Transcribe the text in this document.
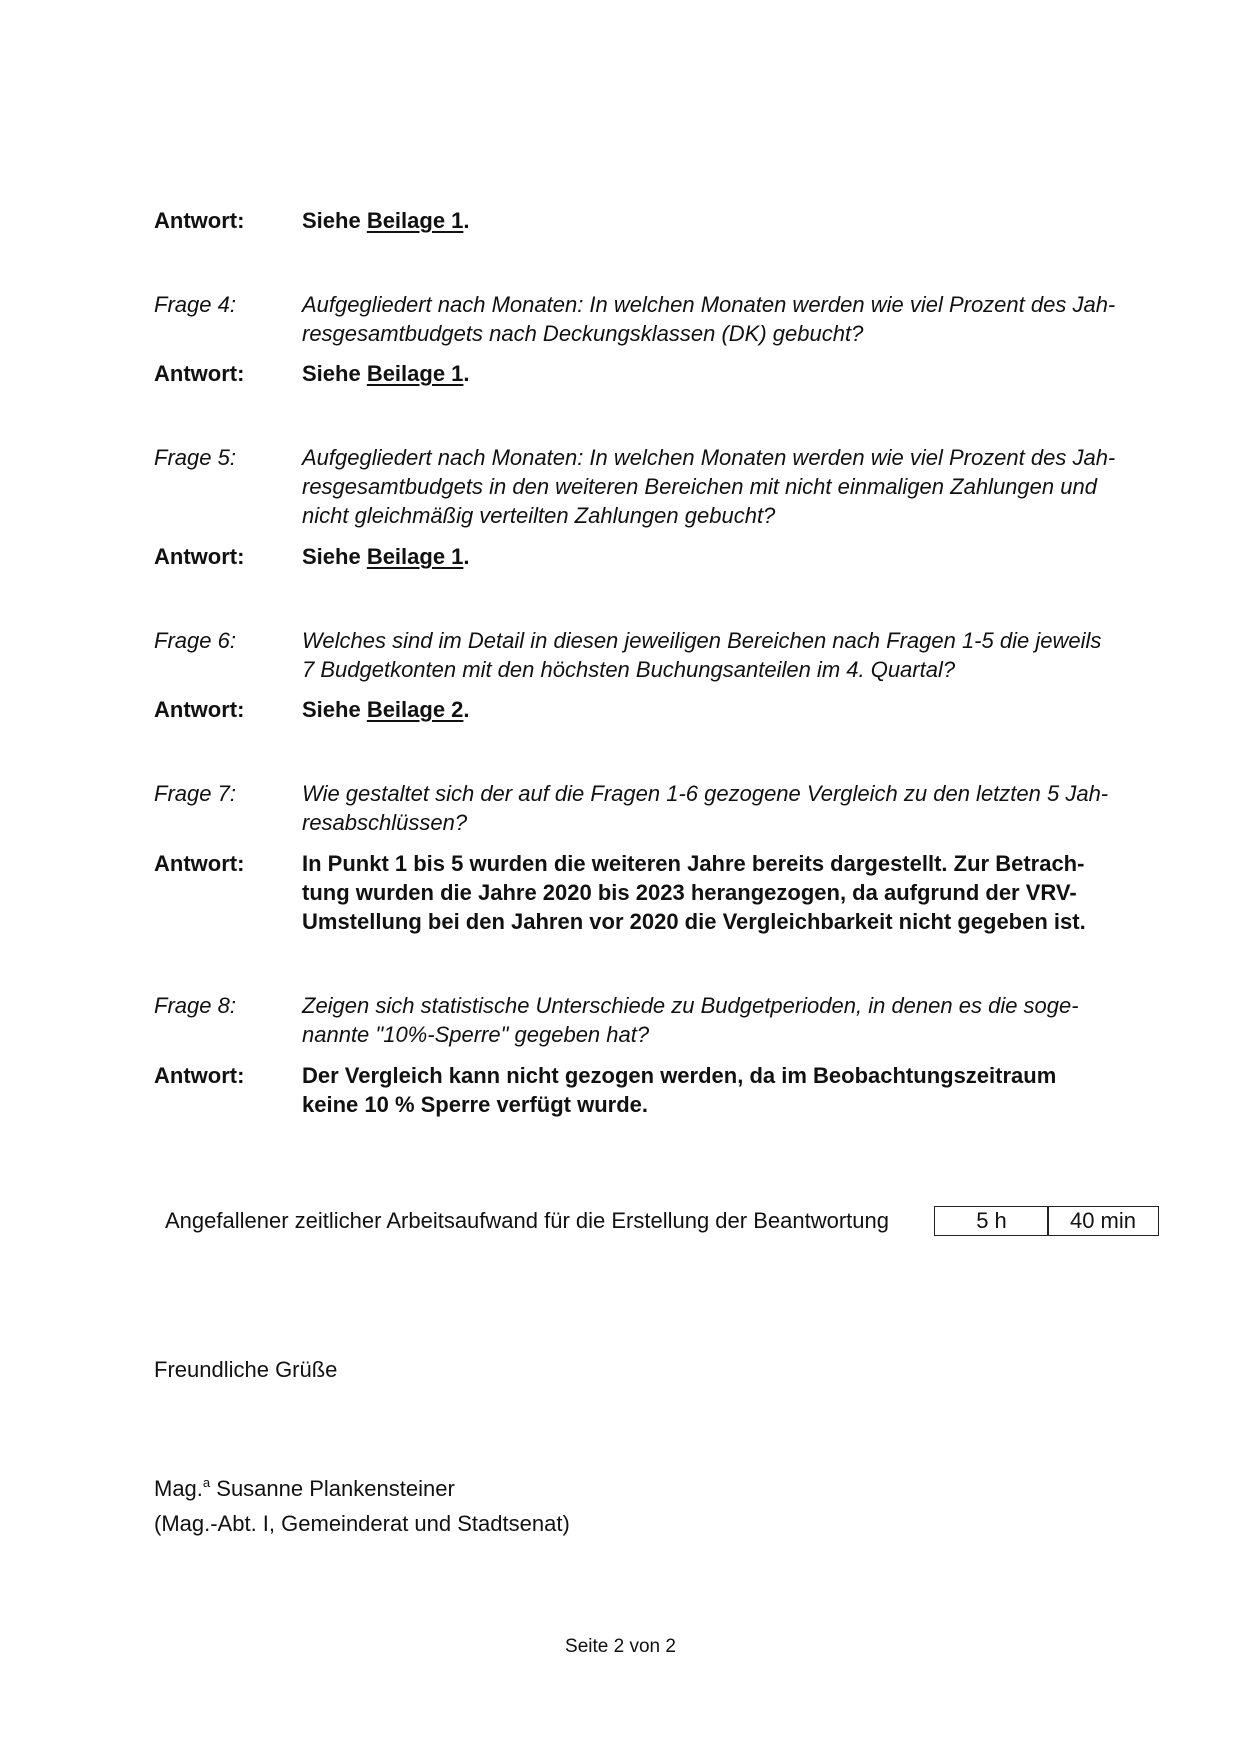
Antwort:	Siehe Beilage 1.
Frage 4:	Aufgegliedert nach Monaten: In welchen Monaten werden wie viel Prozent des Jah-
resgesamtbudgets nach Deckungsklassen (DK) gebucht?
Antwort:	Siehe Beilage 1.
Frage 5:	Aufgegliedert nach Monaten: In welchen Monaten werden wie viel Prozent des Jah-
resgesamtbudgets in den weiteren Bereichen mit nicht einmaligen Zahlungen und
nicht gleichmäßig verteilten Zahlungen gebucht?
Antwort:	Siehe Beilage 1.
Frage 6:	Welches sind im Detail in diesen jeweiligen Bereichen nach Fragen 1-5 die jeweils
7 Budgetkonten mit den höchsten Buchungsanteilen im 4. Quartal?
Antwort:	Siehe Beilage 2.
Frage 7:	Wie gestaltet sich der auf die Fragen 1-6 gezogene Vergleich zu den letzten 5 Jah-
resabschlüssen?
Antwort:	In Punkt 1 bis 5 wurden die weiteren Jahre bereits dargestellt. Zur Betrach-
tung wurden die Jahre 2020 bis 2023 herangezogen, da aufgrund der VRV-
Umstellung bei den Jahren vor 2020 die Vergleichbarkeit nicht gegeben ist.
Frage 8:	Zeigen sich statistische Unterschiede zu Budgetperioden, in denen es die soge-
nannte "10%-Sperre" gegeben hat?
Antwort:	Der Vergleich kann nicht gezogen werden, da im Beobachtungszeitraum
keine 10 % Sperre verfügt wurde.
Angefallener zeitlicher Arbeitsaufwand für die Erstellung der Beantwortung	5 h	40 min
Freundliche Grüße
Mag.$^a$ Susanne Plankensteiner
(Mag.-Abt. I, Gemeinderat und Stadtsenat)
Seite 2 von 2
